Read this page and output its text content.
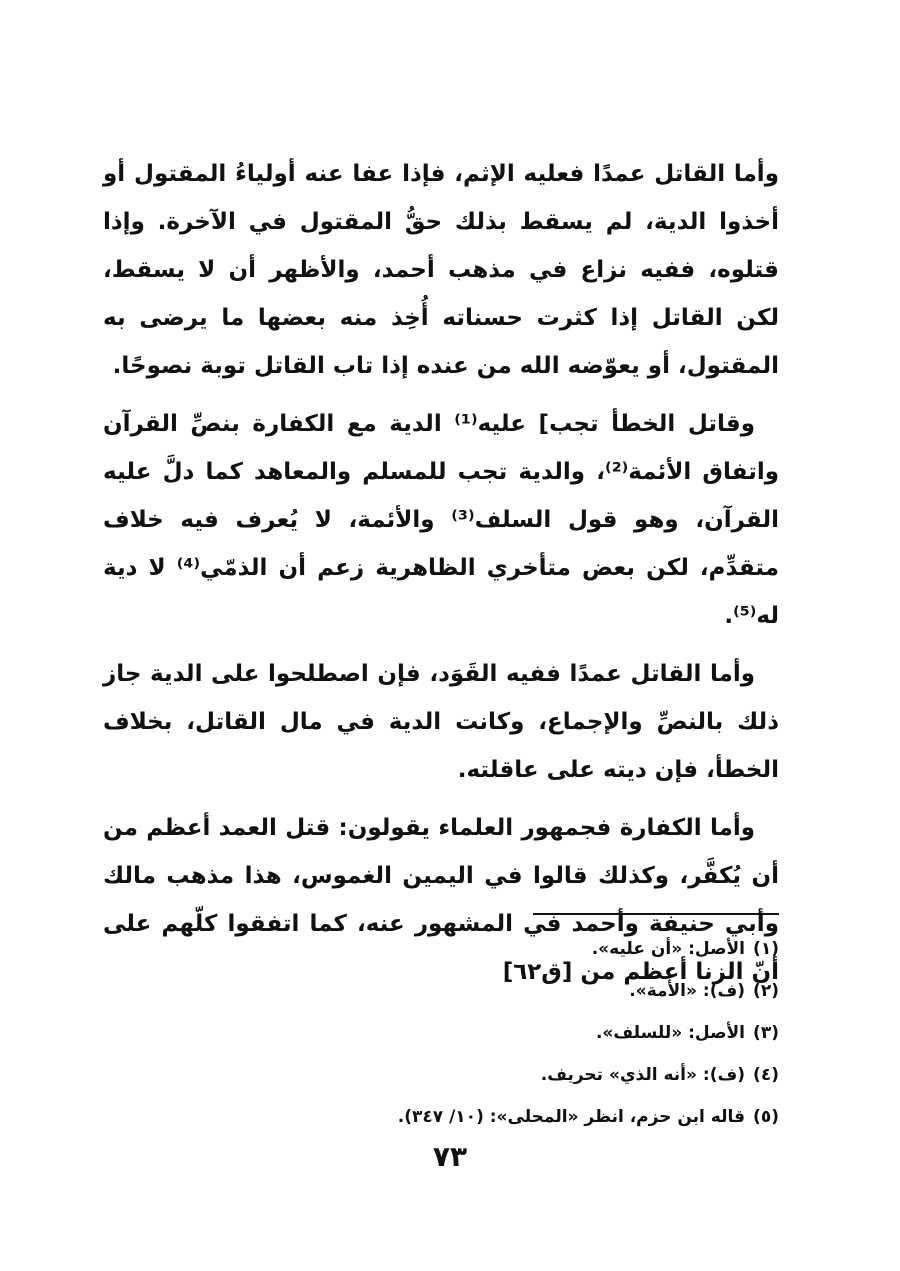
وأما القاتل عمدًا فعليه الإثم، فإذا عفا عنه أولياءُ المقتول أو أخذوا الدية، لم يسقط بذلك حقُّ المقتول في الآخرة. وإذا قتلوه، ففيه نزاع في مذهب أحمد، والأظهر أن لا يسقط، لكن القاتل إذا كثرت حسناته أُخِذ منه بعضها ما يرضى به المقتول، أو يعوّضه الله من عنده إذا تاب القاتل توبة نصوحًا.

وقاتل الخطأ تجب] عليه⁽¹⁾ الدية مع الكفارة بنصِّ القرآن واتفاق الأئمة⁽²⁾، والدية تجب للمسلم والمعاهد كما دلَّ عليه القرآن، وهو قول السلف⁽³⁾ والأئمة، لا يُعرف فيه خلاف متقدِّم، لكن بعض متأخري الظاهرية زعم أن الذمّي⁽⁴⁾ لا دية له⁽⁵⁾.

وأما القاتل عمدًا ففيه القَوَد، فإن اصطلحوا على الدية جاز ذلك بالنصِّ والإجماع، وكانت الدية في مال القاتل، بخلاف الخطأ، فإن ديته على عاقلته.

وأما الكفارة فجمهور العلماء يقولون: قتل العمد أعظم من أن يُكفَّر، وكذلك قالوا في اليمين الغموس، هذا مذهب مالك وأبي حنيفة وأحمد في المشهور عنه، كما اتفقوا كلّهم على أنّ الزنا أعظم من [ق٦٢]

(١)
الأصل: «أن عليه».
(٢)
(ف): «الأمة».
(٣)
الأصل: «للسلف».
(٤)
(ف): «أنه الذي» تحريف.
(٥)
قاله ابن حزم، انظر «المحلى»: (١٠/ ٣٤٧).
٧٣
